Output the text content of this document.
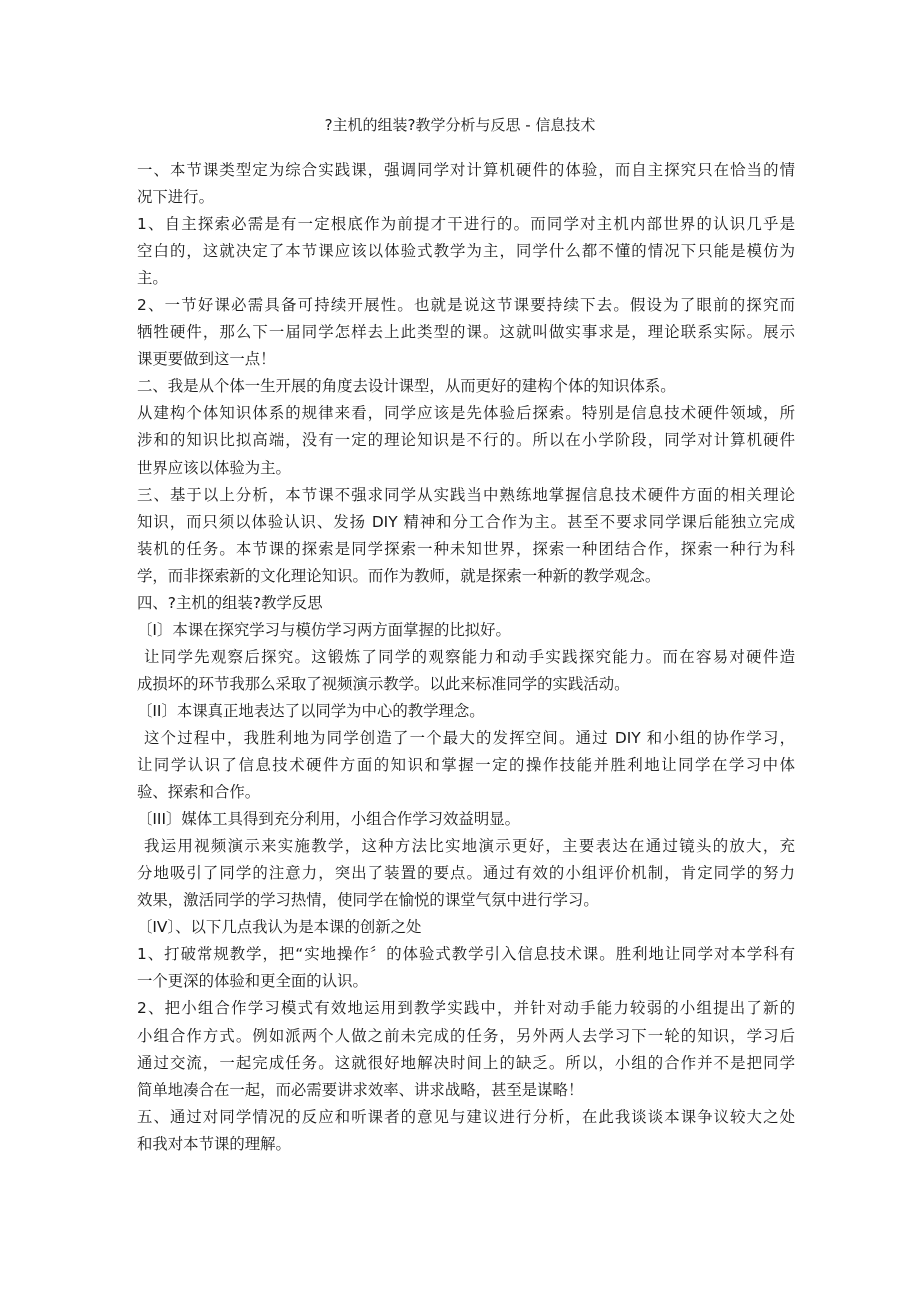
?主机的组装?教学分析与反思 - 信息技术
一、本节课类型定为综合实践课，强调同学对计算机硬件的体验，而自主探究只在恰当的情
况下进行。
1、自主探索必需是有一定根底作为前提才干进行的。而同学对主机内部世界的认识几乎是
空白的，这就决定了本节课应该以体验式教学为主，同学什么都不懂的情况下只能是模仿为
主。
2、一节好课必需具备可持续开展性。也就是说这节课要持续下去。假设为了眼前的探究而
牺牲硬件，那么下一届同学怎样去上此类型的课。这就叫做实事求是，理论联系实际。展示
课更要做到这一点！
二、我是从个体一生开展的角度去设计课型，从而更好的建构个体的知识体系。
从建构个体知识体系的规律来看，同学应该是先体验后探索。特别是信息技术硬件领域，所
涉和的知识比拟高端，没有一定的理论知识是不行的。所以在小学阶段，同学对计算机硬件
世界应该以体验为主。
三、基于以上分析，本节课不强求同学从实践当中熟练地掌握信息技术硬件方面的相关理论
知识，而只须以体验认识、发扬 DIY 精神和分工合作为主。甚至不要求同学课后能独立完成
装机的任务。本节课的探索是同学探索一种未知世界，探索一种团结合作，探索一种行为科
学，而非探索新的文化理论知识。而作为教师，就是探索一种新的教学观念。
四、?主机的组装?教学反思
〔I〕本课在探究学习与模仿学习两方面掌握的比拟好。
让同学先观察后探究。这锻炼了同学的观察能力和动手实践探究能力。而在容易对硬件造
成损坏的环节我那么采取了视频演示教学。以此来标准同学的实践活动。
〔II〕本课真正地表达了以同学为中心的教学理念。
这个过程中，我胜利地为同学创造了一个最大的发挥空间。通过 DIY 和小组的协作学习，
让同学认识了信息技术硬件方面的知识和掌握一定的操作技能并胜利地让同学在学习中体
验、探索和合作。
〔III〕媒体工具得到充分利用，小组合作学习效益明显。
我运用视频演示来实施教学，这种方法比实地演示更好，主要表达在通过镜头的放大，充
分地吸引了同学的注意力，突出了装置的要点。通过有效的小组评价机制，肯定同学的努力
效果，激活同学的学习热情，使同学在愉悦的课堂气氛中进行学习。
〔IV〕、以下几点我认为是本课的创新之处
1、打破常规教学，把“实地操作〞的体验式教学引入信息技术课。胜利地让同学对本学科有
一个更深的体验和更全面的认识。
2、把小组合作学习模式有效地运用到教学实践中，并针对动手能力较弱的小组提出了新的
小组合作方式。例如派两个人做之前未完成的任务，另外两人去学习下一轮的知识，学习后
通过交流，一起完成任务。这就很好地解决时间上的缺乏。所以，小组的合作并不是把同学
简单地凑合在一起，而必需要讲求效率、讲求战略，甚至是谋略！
五、通过对同学情况的反应和听课者的意见与建议进行分析，在此我谈谈本课争议较大之处
和我对本节课的理解。
